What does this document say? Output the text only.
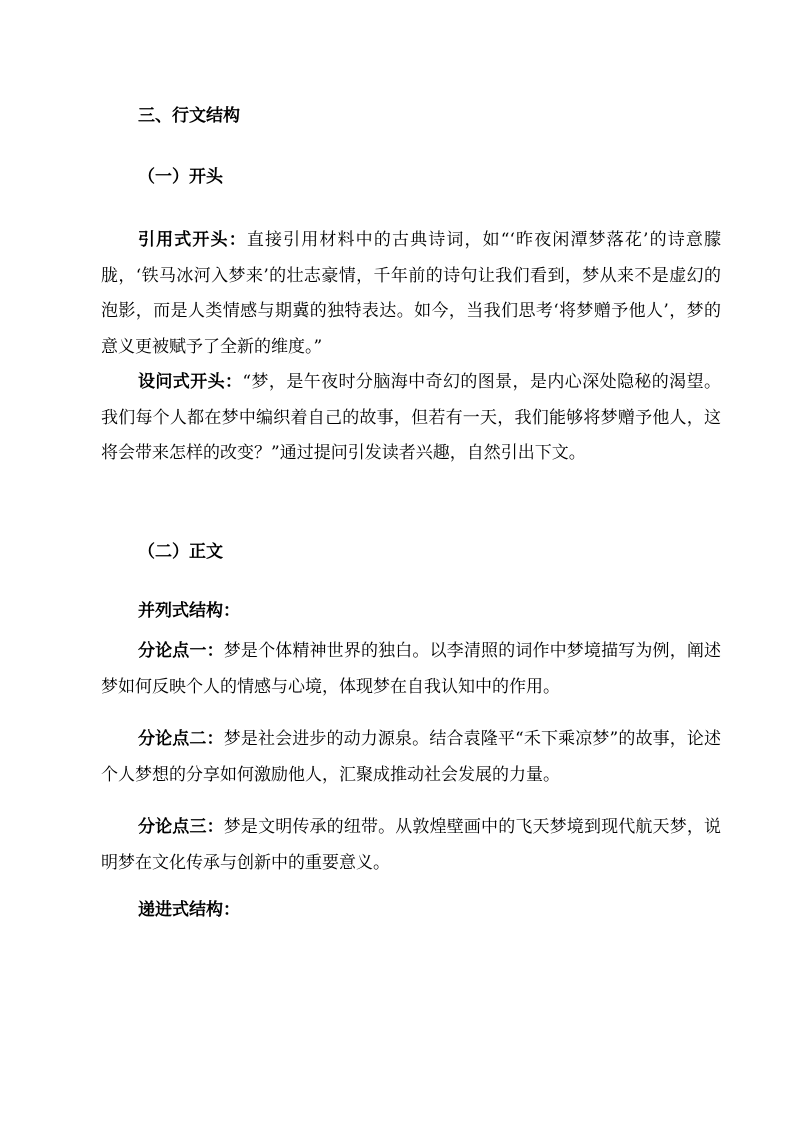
三、行文结构
（一）开头
引用式开头：直接引用材料中的古典诗词，如“‘昨夜闲潭梦落花’的诗意朦胧，‘铁马冰河入梦来’的壮志豪情，千年前的诗句让我们看到，梦从来不是虚幻的泡影，而是人类情感与期冀的独特表达。如今，当我们思考‘将梦赠予他人’，梦的意义更被赋予了全新的维度。”
设问式开头：“梦，是午夜时分脑海中奇幻的图景，是内心深处隐秘的渴望。我们每个人都在梦中编织着自己的故事，但若有一天，我们能够将梦赠予他人，这将会带来怎样的改变？”通过提问引发读者兴趣，自然引出下文。
（二）正文
并列式结构：
分论点一：梦是个体精神世界的独白。以李清照的词作中梦境描写为例，阐述梦如何反映个人的情感与心境，体现梦在自我认知中的作用。
分论点二：梦是社会进步的动力源泉。结合袁隆平“禾下乘凉梦”的故事，论述个人梦想的分享如何激励他人，汇聚成推动社会发展的力量。
分论点三：梦是文明传承的纽带。从敦煌壁画中的飞天梦境到现代航天梦，说明梦在文化传承与创新中的重要意义。
递进式结构：
